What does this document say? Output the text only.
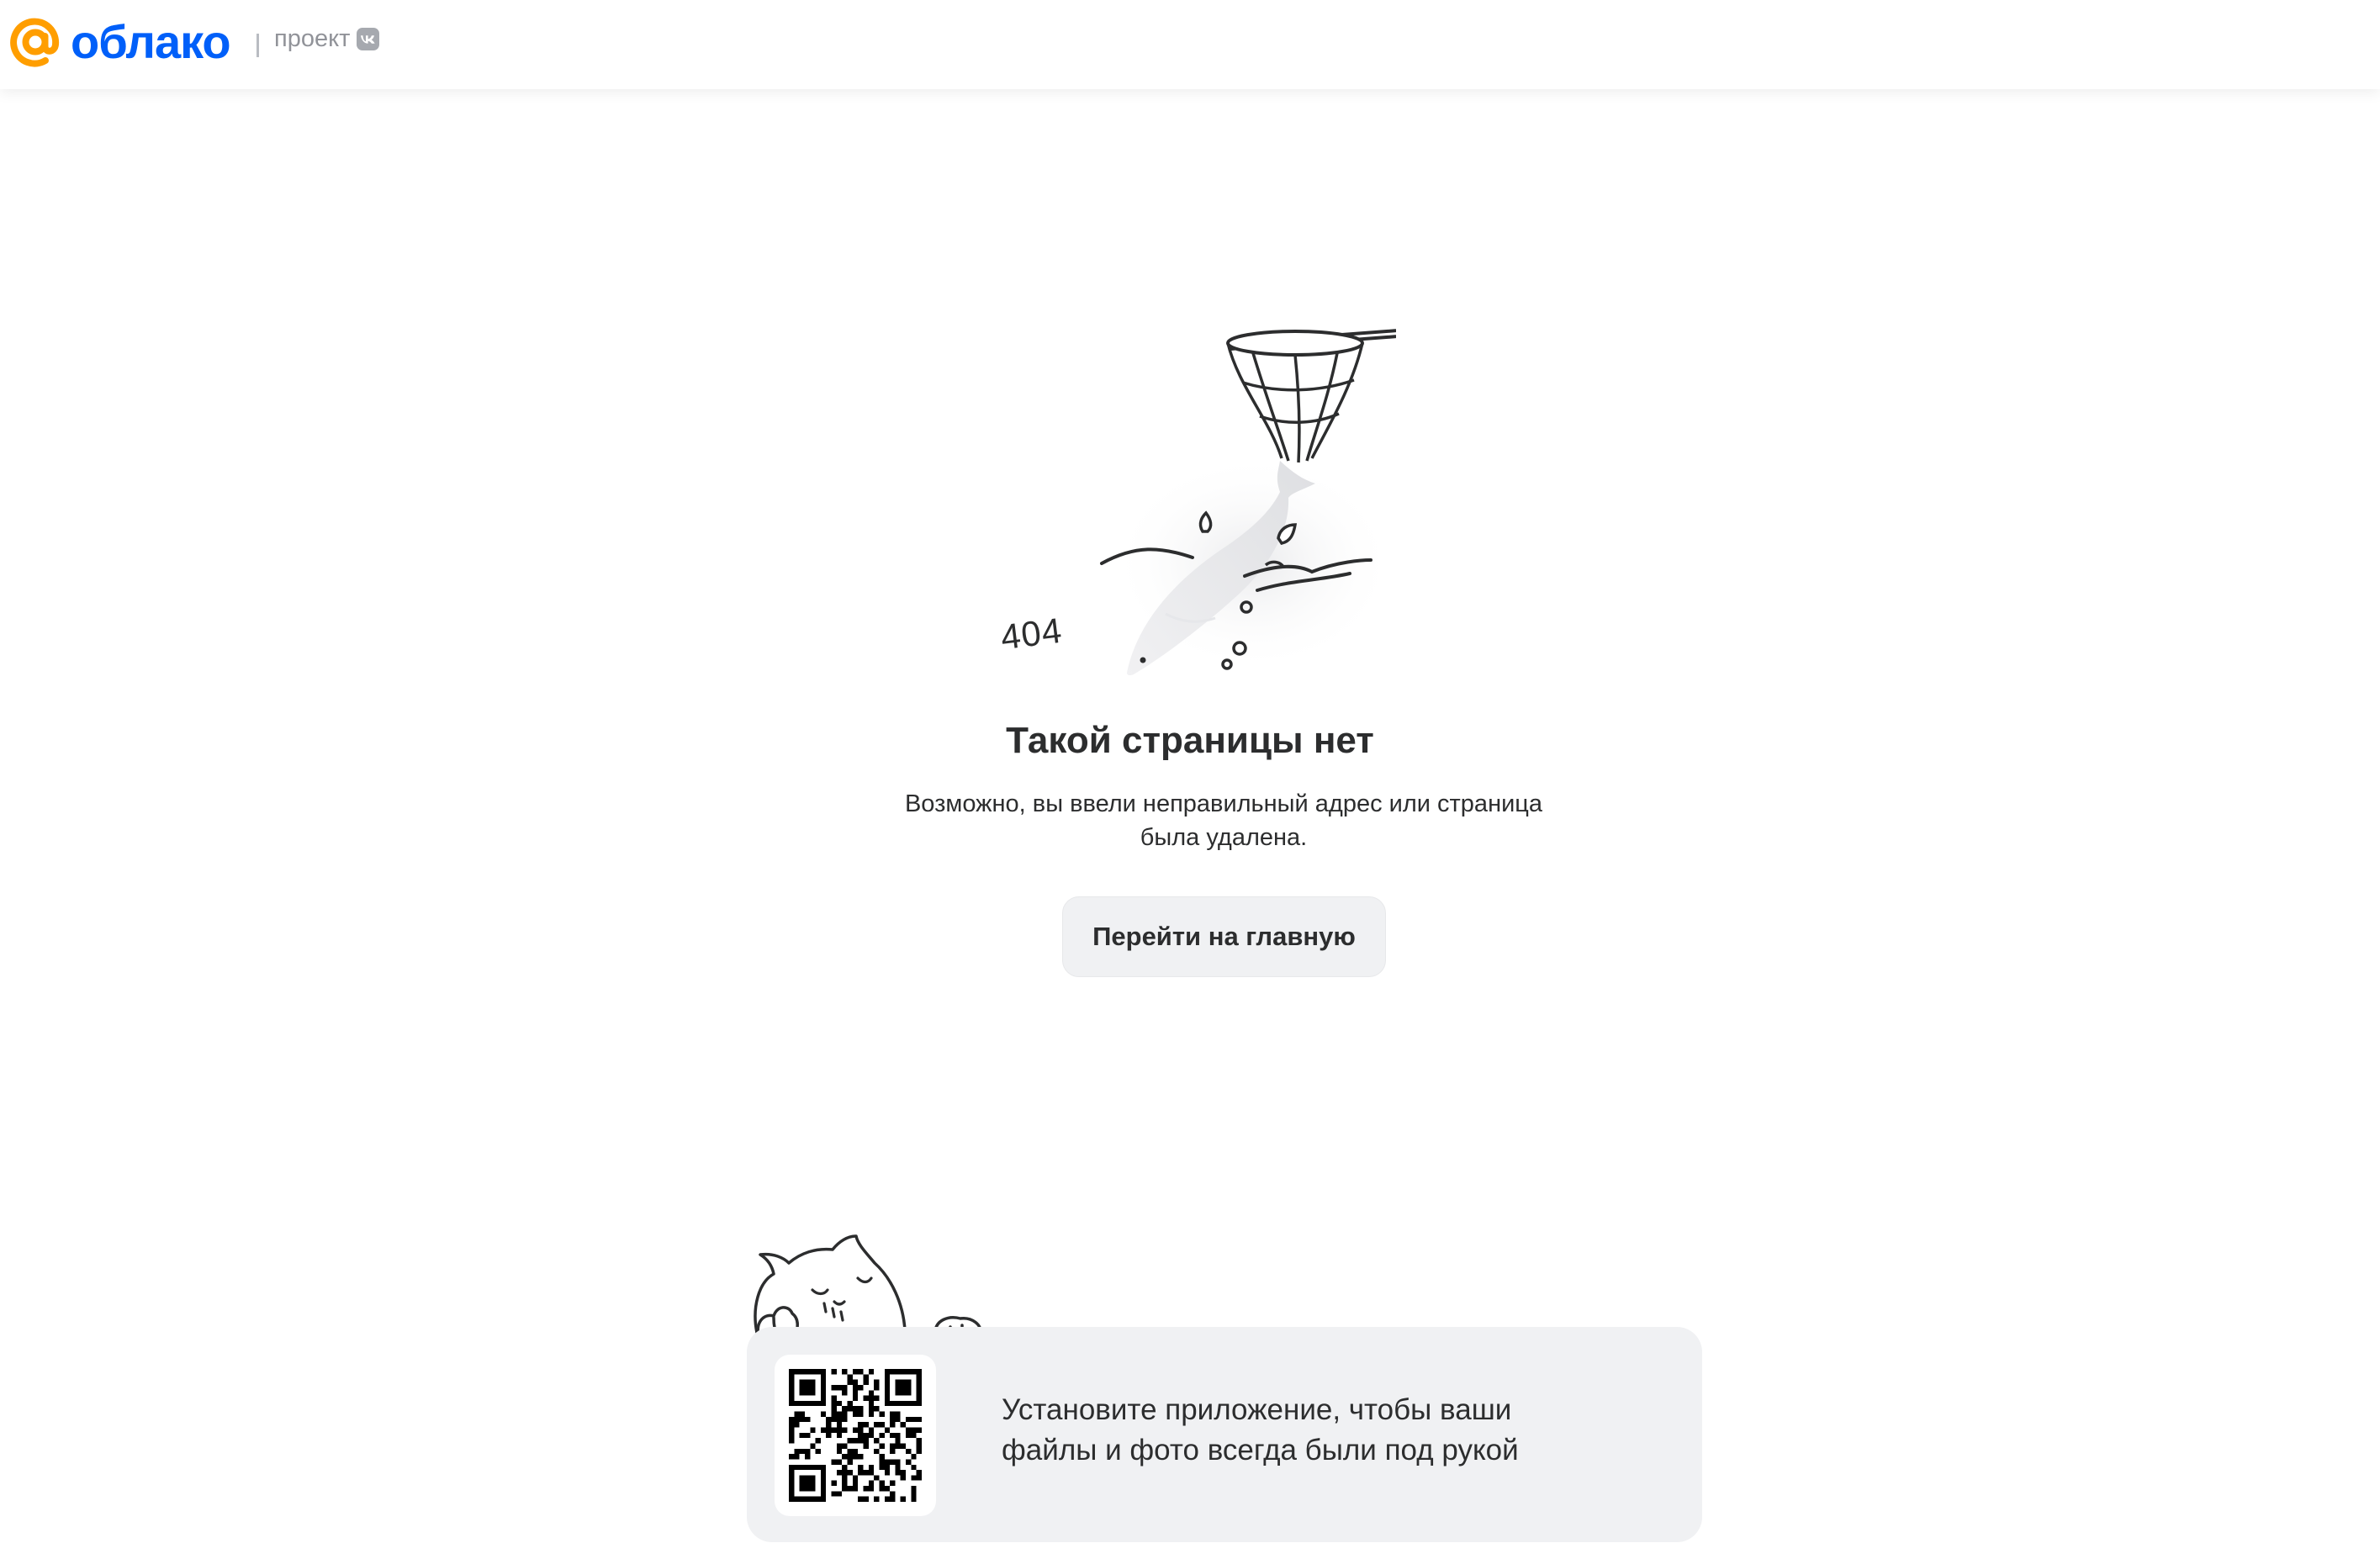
облако проект
404
Такой страницы нет

Возможно, вы ввели неправильный адрес или страница была удалена.

Перейти на главную
Установите приложение, чтобы ваши файлы и фото всегда были под рукой
